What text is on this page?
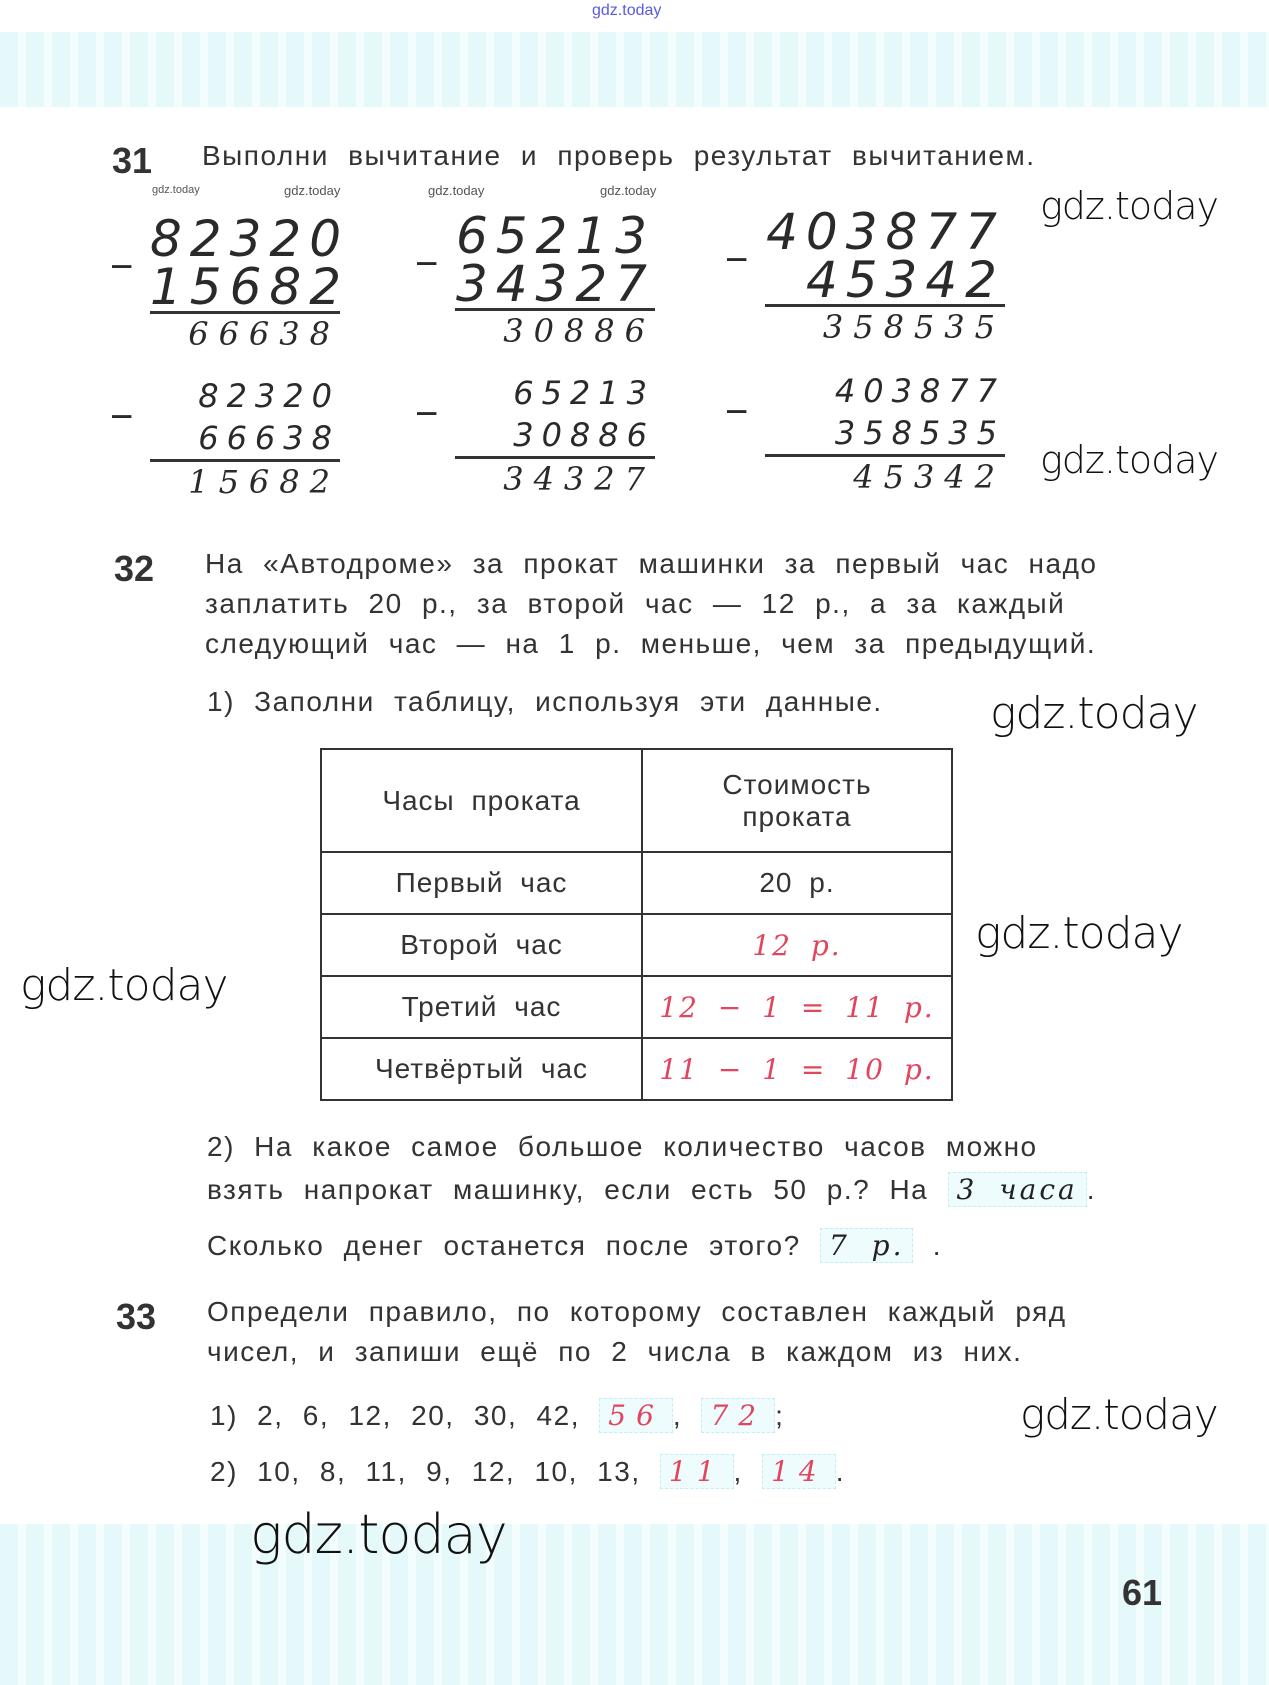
gdz.today
31 Выполни вычитание и проверь результат вычитанием.
gdz.today	gdz.today	gdz.today	gdz.today	gdz.today
− 82320
15682
66638
− 65213
34327
30886
− 403877
45342
358535
−	82320
66638
15682
−	65213
30886
34327
−	403877
358535
45342 gdz.today
32 На «Автодроме» за прокат машинки за первый час надо
заплатить 20 р., за второй час — 12 р., а за каждый
следующий час — на 1 р. меньше, чем за предыдущий.
1) Заполни таблицу, используя эти данные. gdz.today
Часы проката	Стоимость
проката
Первый час	20 р.
Второй час	12 р.
Третий час	12 − 1 = 11 р.
Четвёртый час	11 − 1 = 10 р.
gdz.today
gdz.today
2) На какое самое большое количество часов можно
взять напрокат машинку, если есть 50 р.? На 3 часа .
Сколько денег останется после этого? 7 р. .
33 Определи правило, по которому составлен каждый ряд
чисел, и запиши ещё по 2 числа в каждом из них.
1) 2, 6, 12, 20, 30, 42, 56 , 72 ;	gdz.today
2) 10, 8, 11, 9, 12, 10, 13, 11 , 14 .
gdz.today
61
